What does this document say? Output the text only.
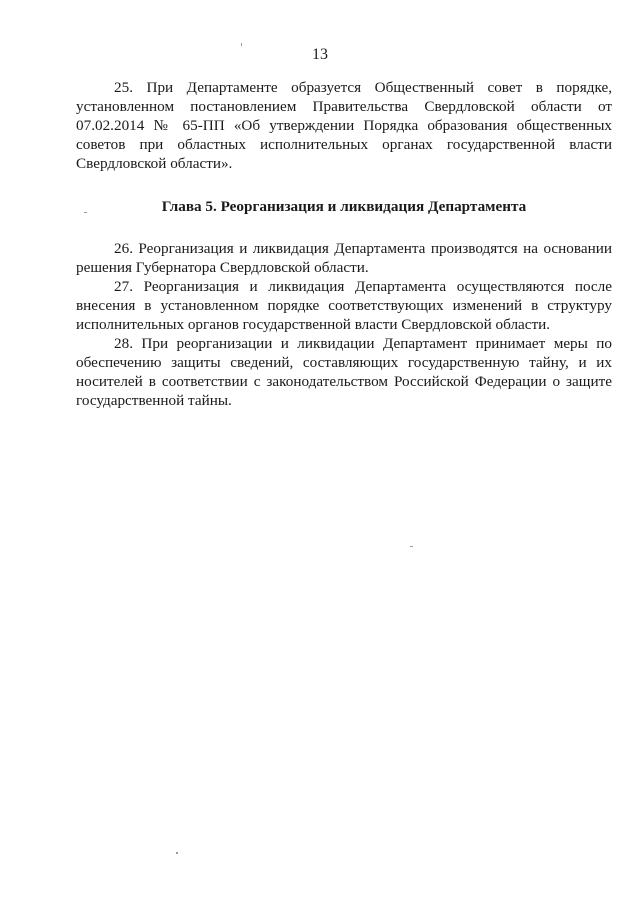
13

25. При Департаменте образуется Общественный совет в порядке, установленном постановлением Правительства Свердловской области от 07.02.2014 № 65-ПП «Об утверждении Порядка образования общественных советов при областных исполнительных органах государственной власти Свердловской области».

Глава 5. Реорганизация и ликвидация Департамента

26. Реорганизация и ликвидация Департамента производятся на основании решения Губернатора Свердловской области.

27. Реорганизация и ликвидация Департамента осуществляются после внесения в установленном порядке соответствующих изменений в структуру исполнительных органов государственной власти Свердловской области.

28. При реорганизации и ликвидации Департамент принимает меры по обеспечению защиты сведений, составляющих государственную тайну, и их носителей в соответствии с законодательством Российской Федерации о защите государственной тайны.
